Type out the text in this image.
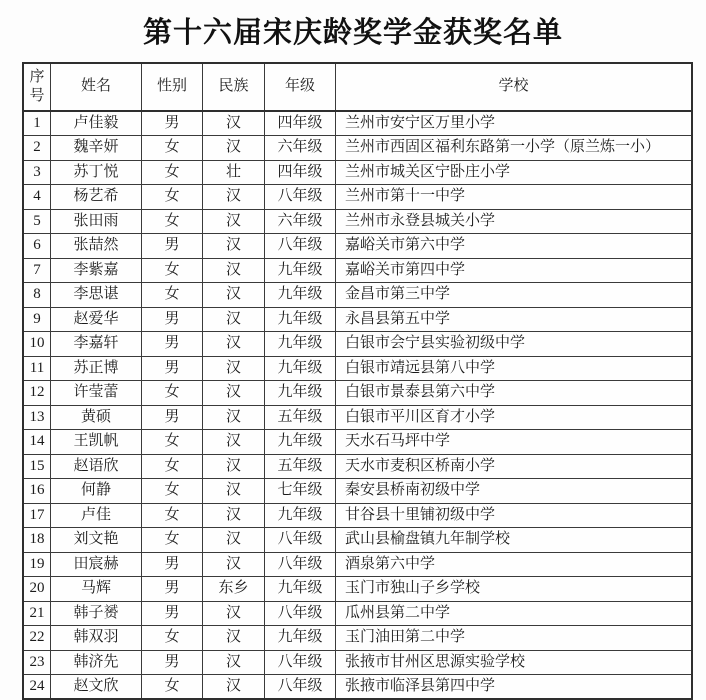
第十六届宋庆龄奖学金获奖名单
序号	姓名	性别	民族	年级	学校
1	卢佳毅	男	汉	四年级	兰州市安宁区万里小学
2	魏辛妍	女	汉	六年级	兰州市西固区福利东路第一小学（原兰炼一小）
3	苏丁悦	女	壮	四年级	兰州市城关区宁卧庄小学
4	杨艺希	女	汉	八年级	兰州市第十一中学
5	张田雨	女	汉	六年级	兰州市永登县城关小学
6	张喆然	男	汉	八年级	嘉峪关市第六中学
7	李紫嘉	女	汉	九年级	嘉峪关市第四中学
8	李思谌	女	汉	九年级	金昌市第三中学
9	赵爱华	男	汉	九年级	永昌县第五中学
10	李嘉轩	男	汉	九年级	白银市会宁县实验初级中学
11	苏正博	男	汉	九年级	白银市靖远县第八中学
12	许莹蕾	女	汉	九年级	白银市景泰县第六中学
13	黄硕	男	汉	五年级	白银市平川区育才小学
14	王凯帆	女	汉	九年级	天水石马坪中学
15	赵语欣	女	汉	五年级	天水市麦积区桥南小学
16	何静	女	汉	七年级	秦安县桥南初级中学
17	卢佳	女	汉	九年级	甘谷县十里铺初级中学
18	刘文艳	女	汉	八年级	武山县榆盘镇九年制学校
19	田宸赫	男	汉	八年级	酒泉第六中学
20	马辉	男	东乡	九年级	玉门市独山子乡学校
21	韩子赟	男	汉	八年级	瓜州县第二中学
22	韩双羽	女	汉	九年级	玉门油田第二中学
23	韩济先	男	汉	八年级	张掖市甘州区思源实验学校
24	赵文欣	女	汉	八年级	张掖市临泽县第四中学
